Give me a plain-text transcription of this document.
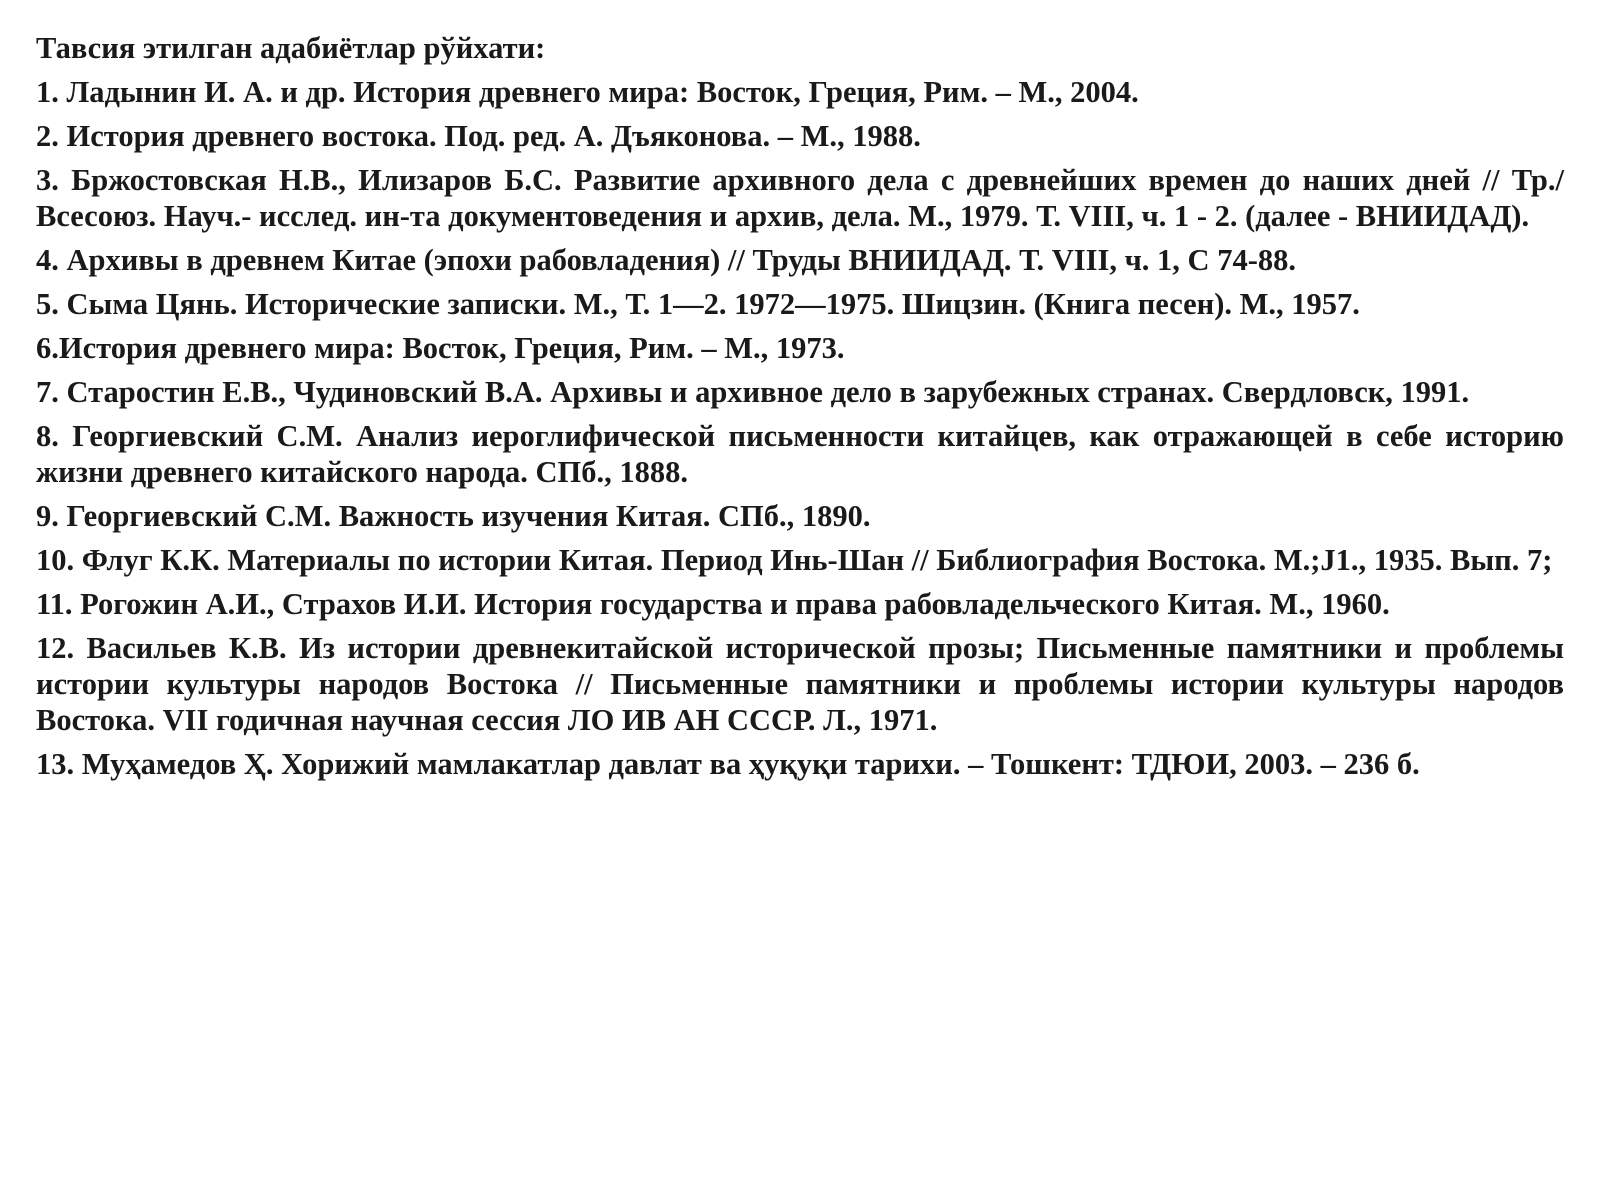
Тавсия этилган адабиётлар рўйхати:

1. Ладынин И. А. и др. История древнего мира: Восток, Греция, Рим. – М., 2004.
2. История древнего востока. Под. ред. А. Дъяконова. – М., 1988.
3. Бржостовская Н.В., Илизаров Б.С. Развитие архивного дела с древнейших времен до наших дней // Тр./ Всесоюз. Науч.- исслед. ин-та документоведения и архив, дела. М., 1979. Т. VIII, ч. 1 - 2. (далее - ВНИИДАД).
4. Архивы в древнем Китае (эпохи рабовладения) // Труды ВНИИДАД. Т. VIII, ч. 1, С 74-88.
5. Сыма Цянь. Исторические записки. М., Т. 1—2. 1972—1975. Шицзин. (Книга песен). М., 1957.
6.История древнего мира: Восток, Греция, Рим. – М., 1973.
7. Старостин Е.В., Чудиновский В.А. Архивы и архивное дело в зарубежных странах. Свердловск, 1991.
8. Георгиевский С.М. Анализ иероглифической письменности китайцев, как отражающей в себе историю жизни древнего китайского народа. СПб., 1888.
9. Георгиевский С.М. Важность изучения Китая. СПб., 1890.
10. Флуг К.К. Материалы по истории Китая. Период Инь-Шан // Библиография Востока. М.;J1., 1935. Вып. 7;
11. Рогожин А.И., Страхов И.И. История государства и права рабовладельческого Китая. М., 1960.
12. Васильев К.В. Из истории древнекитайской исторической прозы; Письменные памятники и проблемы истории культуры народов Востока // Письменные памятники и проблемы истории культуры народов Востока. VII годичная научная сессия ЛО ИВ АН СССР. Л., 1971.
13. Муҳамедов Ҳ. Хорижий мамлакатлар давлат ва ҳуқуқи тарихи. – Тошкент: ТДЮИ, 2003. – 236 б.
